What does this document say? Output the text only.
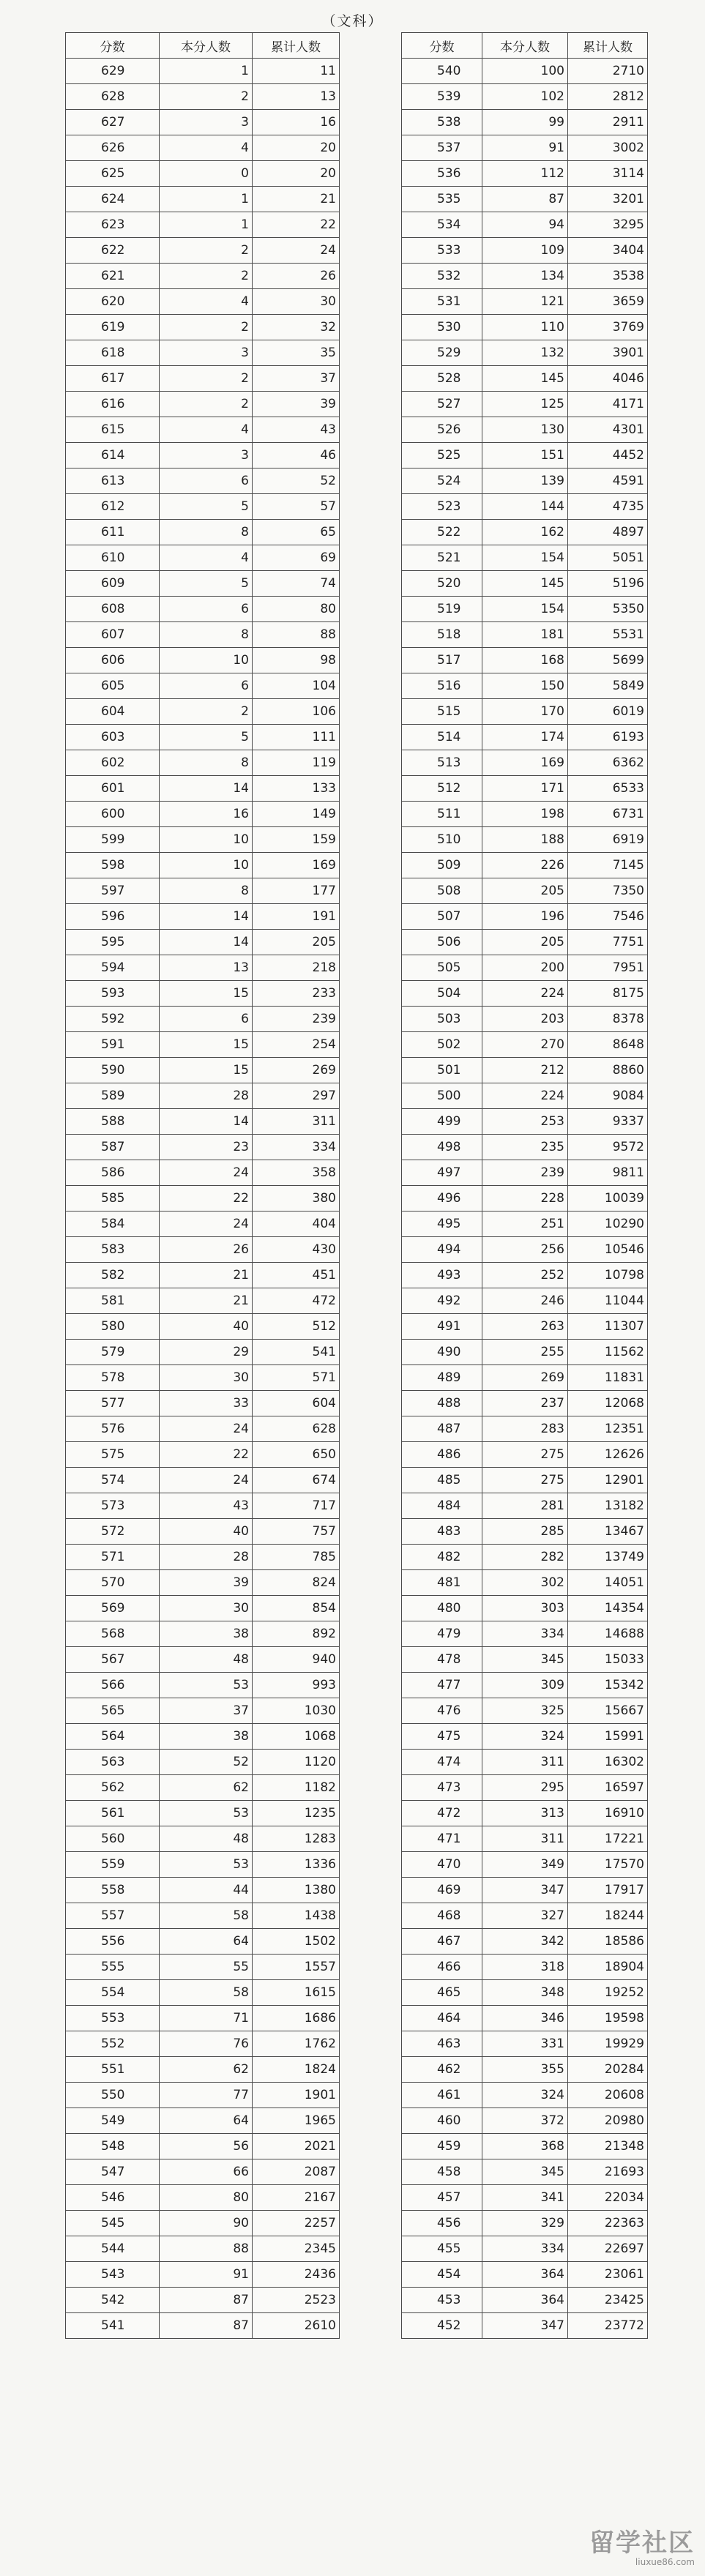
（文科）
分数	本分人数	累计人数
629	1	11
628	2	13
627	3	16
626	4	20
625	0	20
624	1	21
623	1	22
622	2	24
621	2	26
620	4	30
619	2	32
618	3	35
617	2	37
616	2	39
615	4	43
614	3	46
613	6	52
612	5	57
611	8	65
610	4	69
609	5	74
608	6	80
607	8	88
606	10	98
605	6	104
604	2	106
603	5	111
602	8	119
601	14	133
600	16	149
599	10	159
598	10	169
597	8	177
596	14	191
595	14	205
594	13	218
593	15	233
592	6	239
591	15	254
590	15	269
589	28	297
588	14	311
587	23	334
586	24	358
585	22	380
584	24	404
583	26	430
582	21	451
581	21	472
580	40	512
579	29	541
578	30	571
577	33	604
576	24	628
575	22	650
574	24	674
573	43	717
572	40	757
571	28	785
570	39	824
569	30	854
568	38	892
567	48	940
566	53	993
565	37	1030
564	38	1068
563	52	1120
562	62	1182
561	53	1235
560	48	1283
559	53	1336
558	44	1380
557	58	1438
556	64	1502
555	55	1557
554	58	1615
553	71	1686
552	76	1762
551	62	1824
550	77	1901
549	64	1965
548	56	2021
547	66	2087
546	80	2167
545	90	2257
544	88	2345
543	91	2436
542	87	2523
541	87	2610
分数	本分人数	累计人数
540	100	2710
539	102	2812
538	99	2911
537	91	3002
536	112	3114
535	87	3201
534	94	3295
533	109	3404
532	134	3538
531	121	3659
530	110	3769
529	132	3901
528	145	4046
527	125	4171
526	130	4301
525	151	4452
524	139	4591
523	144	4735
522	162	4897
521	154	5051
520	145	5196
519	154	5350
518	181	5531
517	168	5699
516	150	5849
515	170	6019
514	174	6193
513	169	6362
512	171	6533
511	198	6731
510	188	6919
509	226	7145
508	205	7350
507	196	7546
506	205	7751
505	200	7951
504	224	8175
503	203	8378
502	270	8648
501	212	8860
500	224	9084
499	253	9337
498	235	9572
497	239	9811
496	228	10039
495	251	10290
494	256	10546
493	252	10798
492	246	11044
491	263	11307
490	255	11562
489	269	11831
488	237	12068
487	283	12351
486	275	12626
485	275	12901
484	281	13182
483	285	13467
482	282	13749
481	302	14051
480	303	14354
479	334	14688
478	345	15033
477	309	15342
476	325	15667
475	324	15991
474	311	16302
473	295	16597
472	313	16910
471	311	17221
470	349	17570
469	347	17917
468	327	18244
467	342	18586
466	318	18904
465	348	19252
464	346	19598
463	331	19929
462	355	20284
461	324	20608
460	372	20980
459	368	21348
458	345	21693
457	341	22034
456	329	22363
455	334	22697
454	364	23061
453	364	23425
452	347	23772
留学社区
liuxue86.com
